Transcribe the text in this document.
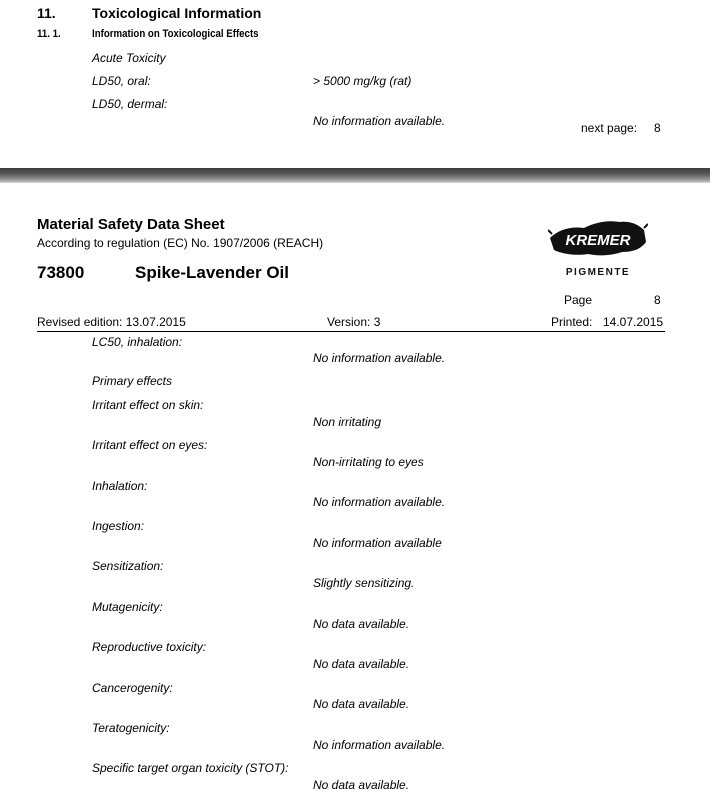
11.	Toxicological Information
11. 1.	Information on Toxicological Effects
Acute Toxicity
LD50, oral:	> 5000 mg/kg (rat)
LD50, dermal:
No information available.	next page: 8
Material Safety Data Sheet
According to regulation (EC) No. 1907/2006 (REACH)
73800	Spike-Lavender Oil
KREMER
PIGMENTE
Page	8
Revised edition: 13.07.2015	Version: 3	Printed: 14.07.2015
LC50, inhalation:
No information available.
Primary effects
Irritant effect on skin:
Non irritating
Irritant effect on eyes:
Non-irritating to eyes
Inhalation:
No information available.
Ingestion:
No information available
Sensitization:
Slightly sensitizing.
Mutagenicity:
No data available.
Reproductive toxicity:
No data available.
Cancerogenity:
No data available.
Teratogenicity:
No information available.
Specific target organ toxicity (STOT):
No data available.
